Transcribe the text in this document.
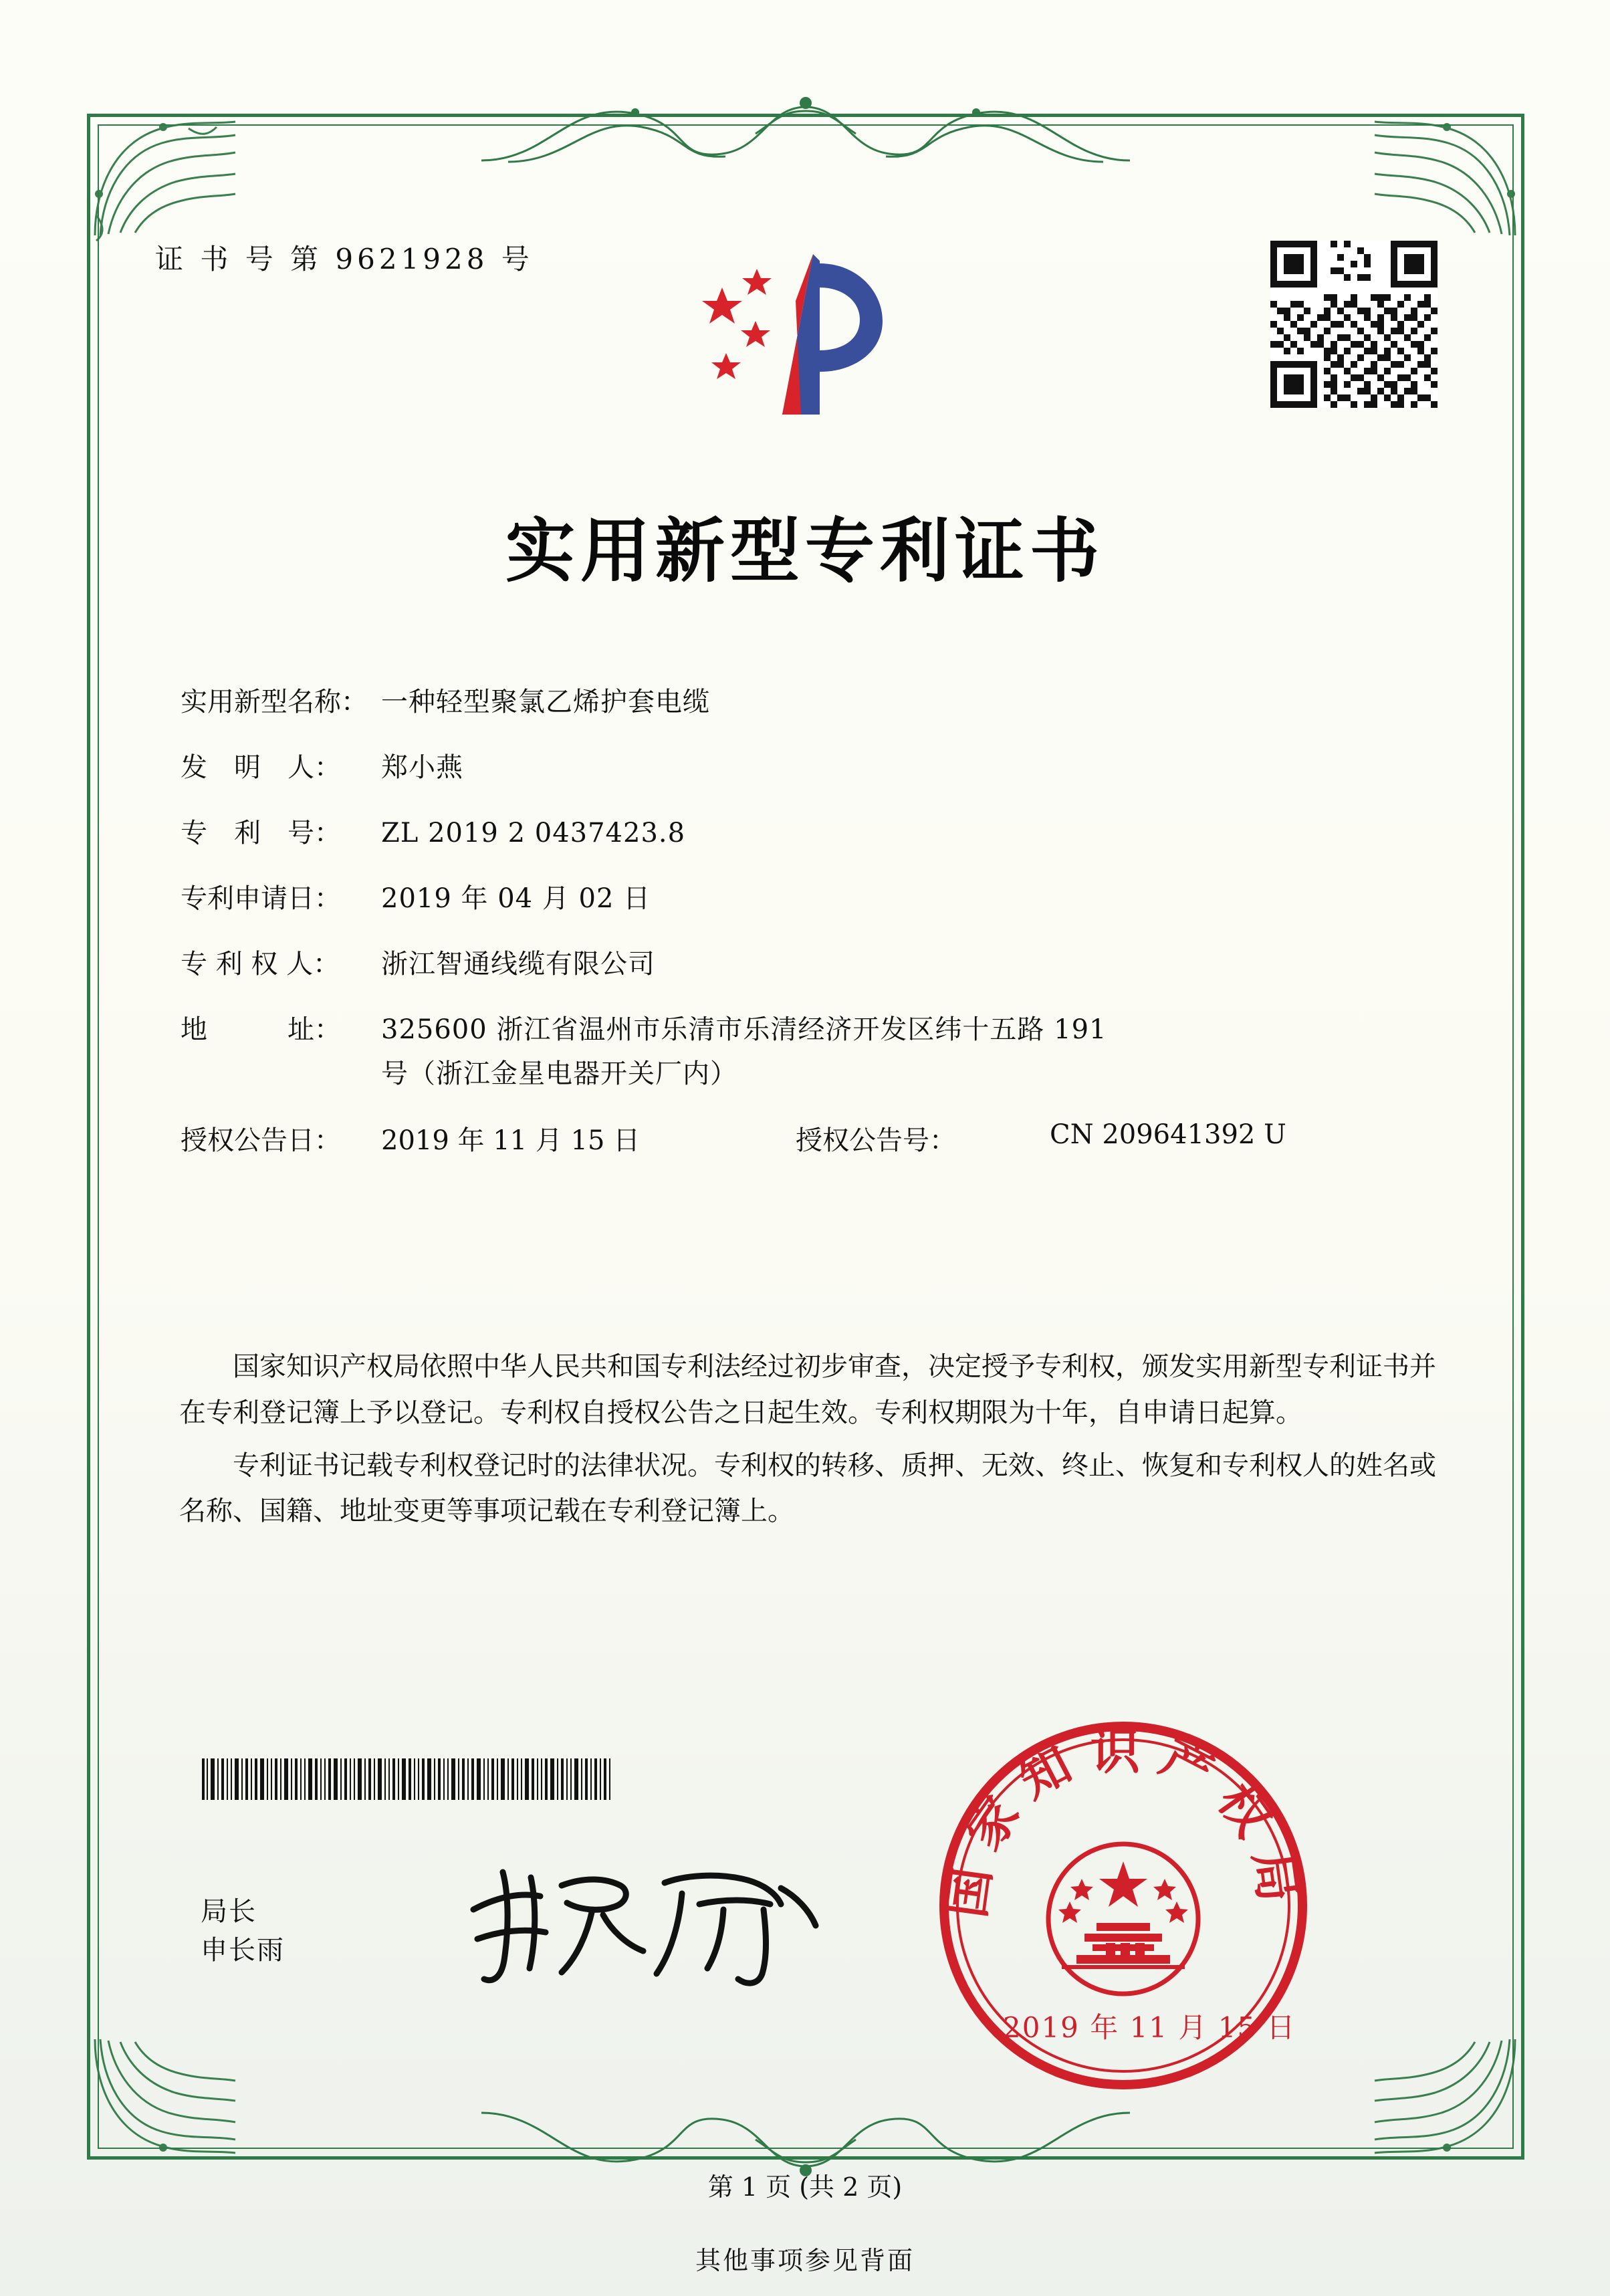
证 书 号 第 9621928 号
实用新型专利证书
实用新型名称： 一种轻型聚氯乙烯护套电缆
发　明　人：	郑小燕
专　利　号：	ZL 2019 2 0437423.8
专利申请日：	2019 年 04 月 02 日
专 利 权 人：	浙江智通线缆有限公司
地　　　址：	325600 浙江省温州市乐清市乐清经济开发区纬十五路 191
号（浙江金星电器开关厂内）
授权公告日：	2019 年 11 月 15 日	授权公告号：	CN 209641392 U

国家知识产权局依照中华人民共和国专利法经过初步审查，决定授予专利权，颁发实用新型专利证书并在专利登记簿上予以登记。专利权自授权公告之日起生效。专利权期限为十年，自申请日起算。

专利证书记载专利权登记时的法律状况。专利权的转移、质押、无效、终止、恢复和专利权人的姓名或名称、国籍、地址变更等事项记载在专利登记簿上。

局长
申长雨
国家知识产权局
2019 年 11 月 15 日
第 1 页 (共 2 页)
其他事项参见背面
